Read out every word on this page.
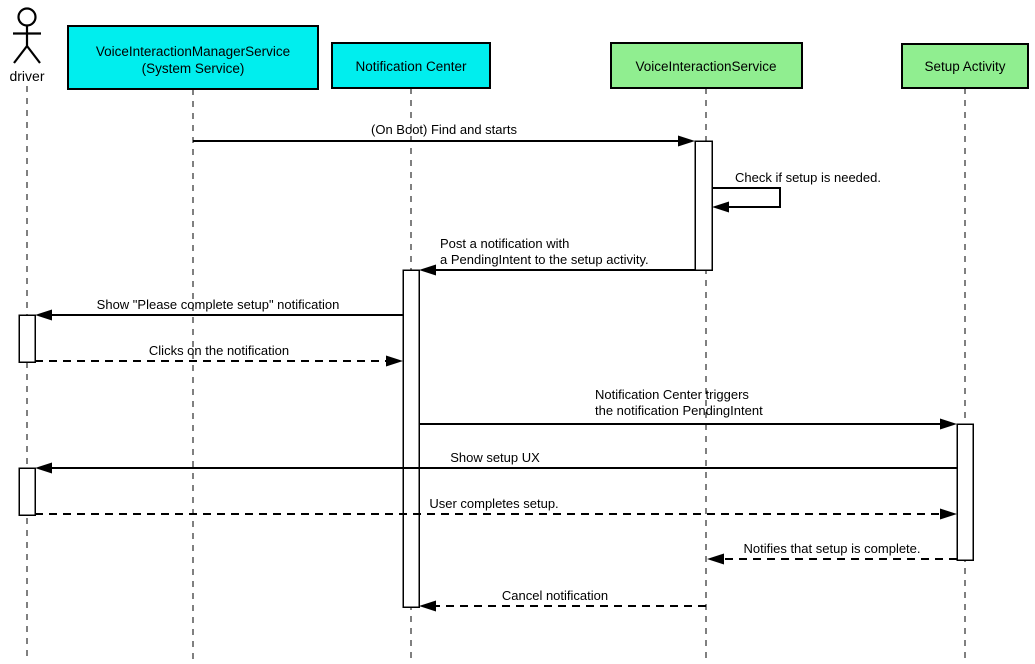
driver
VoiceInteractionManagerService
(System Service)	Notification Center	VoiceInteractionService	Setup Activity
(On Boot) Find and starts
Check if setup is needed.
Post a notification with
a PendingIntent to the setup activity.
Show "Please complete setup" notification
Clicks on the notification
Notification Center triggers
the notification PendingIntent
Show setup UX
User completes setup.
Notifies that setup is complete.
Cancel notification
